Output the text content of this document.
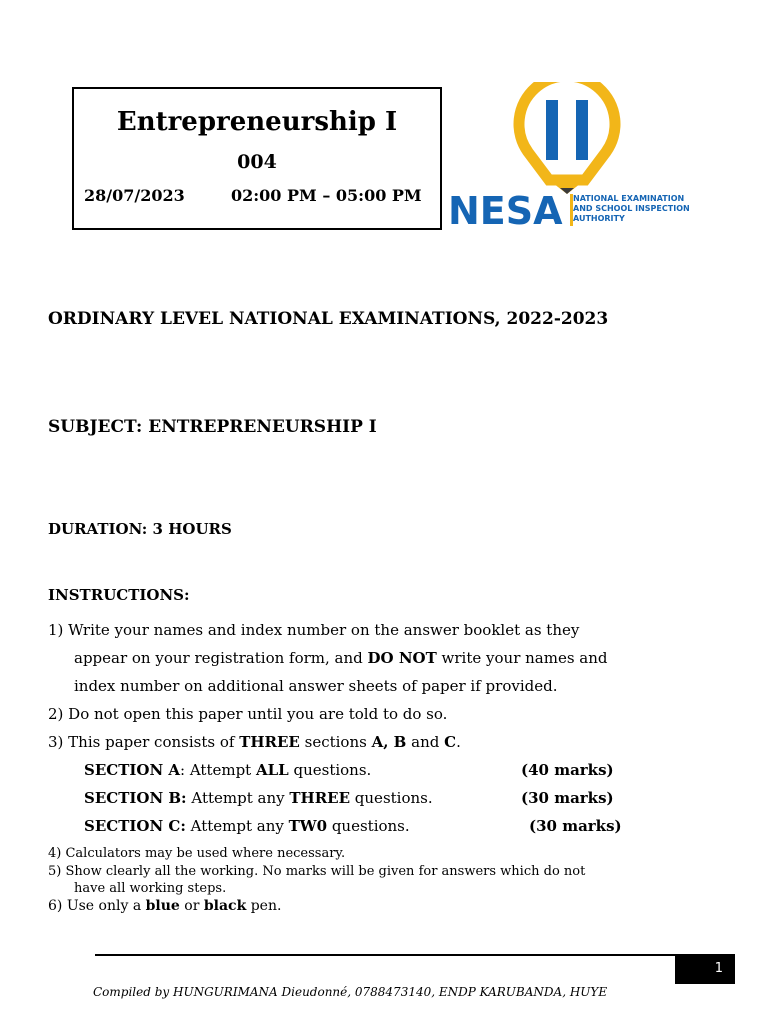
Entrepreneurship I
004
28/07/2023	02:00 PM – 05:00 PM NESA NATIONAL EXAMINATION
AND SCHOOL INSPECTION
AUTHORITY
ORDINARY LEVEL NATIONAL EXAMINATIONS, 2022-2023
SUBJECT: ENTREPRENEURSHIP I
DURATION: 3 HOURS
INSTRUCTIONS:
1) Write your names and index number on the answer booklet as they
appear on your registration form, and DO NOT write your names and
index number on additional answer sheets of paper if provided.
2) Do not open this paper until you are told to do so.
3) This paper consists of THREE sections A, B and C.
SECTION A: Attempt ALL questions.	(40 marks)
SECTION B: Attempt any THREE questions.	(30 marks)
SECTION C: Attempt any TW0 questions.	(30 marks)
4) Calculators may be used where necessary.
5) Show clearly all the working. No marks will be given for answers which do not
have all working steps.
6) Use only a blue or black pen.
1
Compiled by HUNGURIMANA Dieudonné, 0788473140, ENDP KARUBANDA, HUYE
